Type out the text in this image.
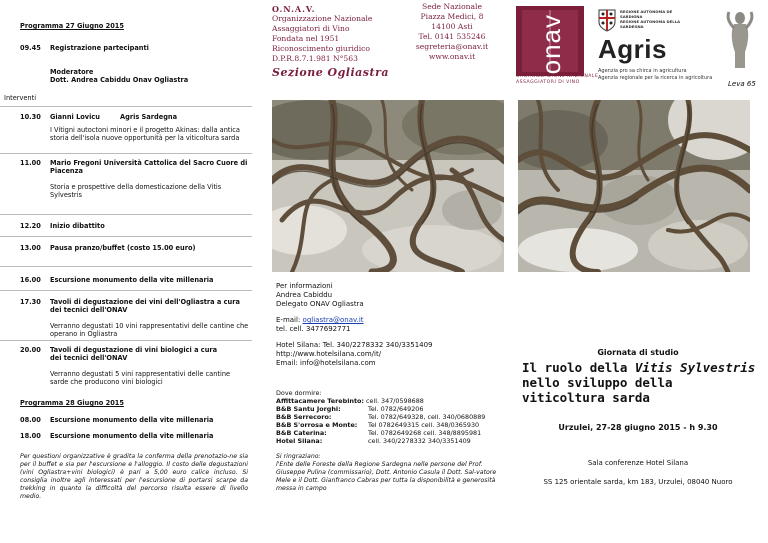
Programma 27 Giugno 2015
09.45	Registrazione partecipanti
Moderatore
Dott. Andrea Cabiddu Onav Ogliastra
Interventi
10.30	Gianni Lovicu	Agris Sardegna
I Vitigni autoctoni minori e il progetto Akinas: dalla antica storia dell'isola nuove opportunità per la viticoltura sarda
11.00	Mario Fregoni Università Cattolica del Sacro Cuore di Piacenza
Storia e prospettive della domesticazione della Vitis Sylvestris
12.20	Inizio dibattito
13.00	Pausa pranzo/buffet (costo 15.00 euro)
16.00	Escursione monumento della vite millenaria
17.30	Tavoli di degustazione dei vini dell'Ogliastra a cura dei tecnici dell'ONAV
Verranno degustati 10 vini rappresentativi delle cantine che operano in Ogliastra
20.00	Tavoli di degustazione di vini biologici a cura dei tecnici dell'ONAV
Verranno degustati 5 vini rappresentativi delle cantine sarde che producono vini biologici
Programma 28 Giugno 2015
08.00	Escursione monumento della vite millenaria
18.00	Escursione monumento della vite millenaria
Per questioni organizzative è gradita la conferma della prenotazio-ne sia per il buffet e sia per l'escursione e l'alloggio. Il costo delle degustazioni (vini Ogliastra+vini biologici) è pari a 5,00 euro calice incluso. Si consiglia inoltre agli interessati per l'escursione di portarsi scarpe da trekking in quanto la difficoltà del percorso risulta essere di livello medio.
O.N.A.V.
Organizzazione Nazionale
Assaggiatori di Vino
Fondata nel 1951
Riconoscimento giuridico
D.P.R.8.7.1.981 N°563
Sede Nazionale
Piazza Medici, 8
14100 Asti
Tel. 0141 535246
segreteria@onav.it
www.onav.it
Sezione Ogliastra
Per informazioni
Andrea Cabiddu
Delegato ONAV Ogliastra
E-mail: ogliastra@onav.it
tel. cell. 3477692771
Hotel Silana: Tel. 340/2278332 340/3351409
http://www.hotelsilana.com/it/
Email: info@hotelsilana.com
Dove dormire:
Affittacamere Terebinto: cell. 347/0598688
B&B Santu Jorghi:	Tel. 0782/649206
B&B Serrecoro:	Tel. 0782/649328, cell. 340/0680889
B&B S'orrosa e Monte: Tel 0782649315 cell. 348/0365930
B&B Caterina:	Tel. 0782649268 cell. 348/8895981
Hotel Silana:	cell. 340/2278332 340/3351409
Si ringraziano:
l'Ente delle Foreste della Regione Sardegna nelle persone del Prof. Giuseppe Pulina (commissario), Dott. Antonio Casula il Dott. Sal-vatore Mele e il Dott. Gianfranco Cabras per tutta la disponibilità e generosità messa in campo
onav
ORGANIZZAZIONE NAZIONALE
ASSAGGIATORI DI VINO
REGIONE AUTÒNOMA DE SARDIGNA
REGIONE AUTONOMA DELLA SARDEGNA
Agris
Agenzia pro sa chirca in agricultura
Agenzia regionale per la ricerca in agricoltura
Leva 65
Giornata di studio
Il ruolo della Vitis Sylvestris
nello sviluppo della viticoltura sarda
Urzulei, 27-28 giugno 2015 - h 9.30
Sala conferenze Hotel Silana
SS 125 orientale sarda, km 183, Urzulei, 08040 Nuoro
